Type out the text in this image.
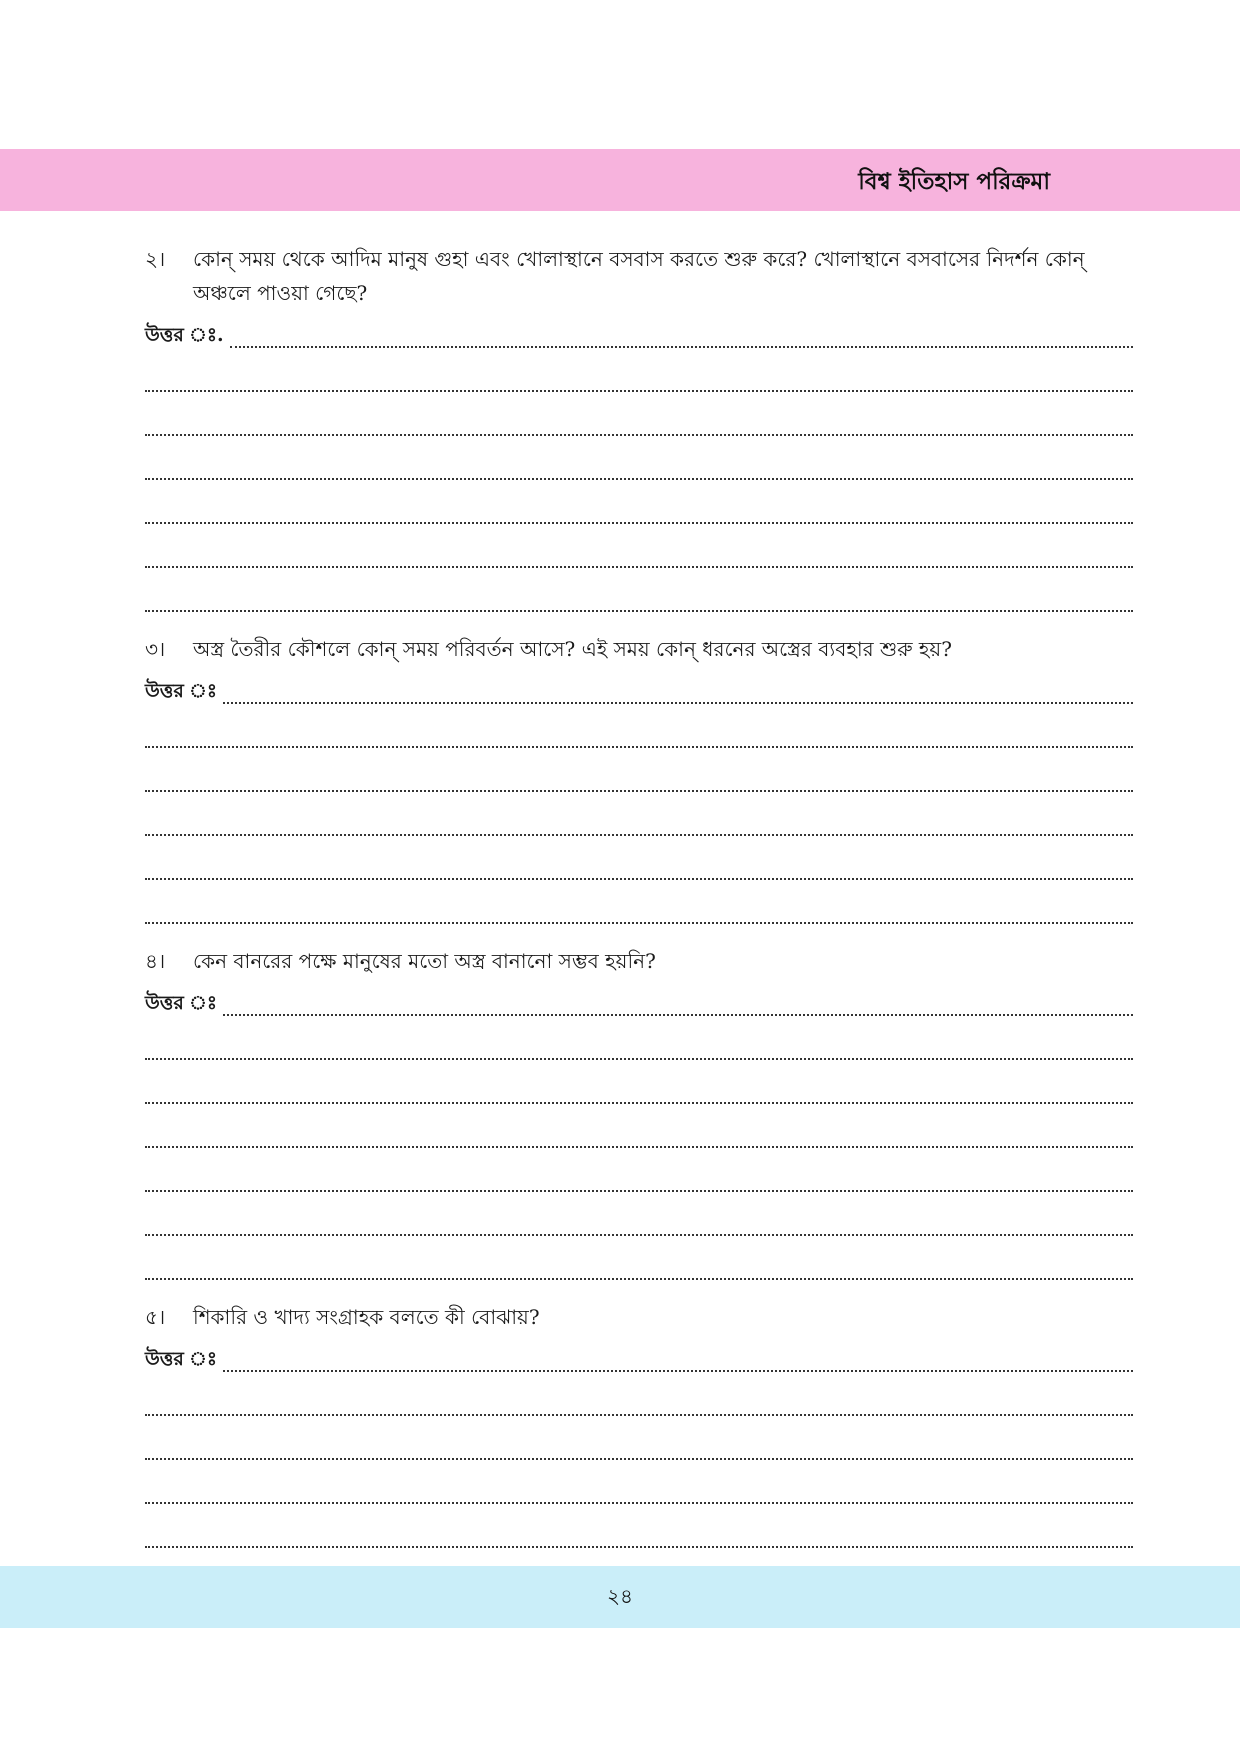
বিশ্ব ইতিহাস পরিক্রমা
২।	কোন্ সময় থেকে আদিম মানুষ গুহা এবং খোলাস্থানে বসবাস করতে শুরু করে? খোলাস্থানে বসবাসের নিদর্শন কোন্ অঞ্চলে পাওয়া গেছে?
উত্তর ঃ.
৩।	অস্ত্র তৈরীর কৌশলে কোন্ সময় পরিবর্তন আসে? এই সময় কোন্ ধরনের অস্ত্রের ব্যবহার শুরু হয়?
উত্তর ঃ
৪।	কেন বানরের পক্ষে মানুষের মতো অস্ত্র বানানো সম্ভব হয়নি?
উত্তর ঃ
৫।	শিকারি ও খাদ্য সংগ্রাহক বলতে কী বোঝায়?
উত্তর ঃ
২৪
